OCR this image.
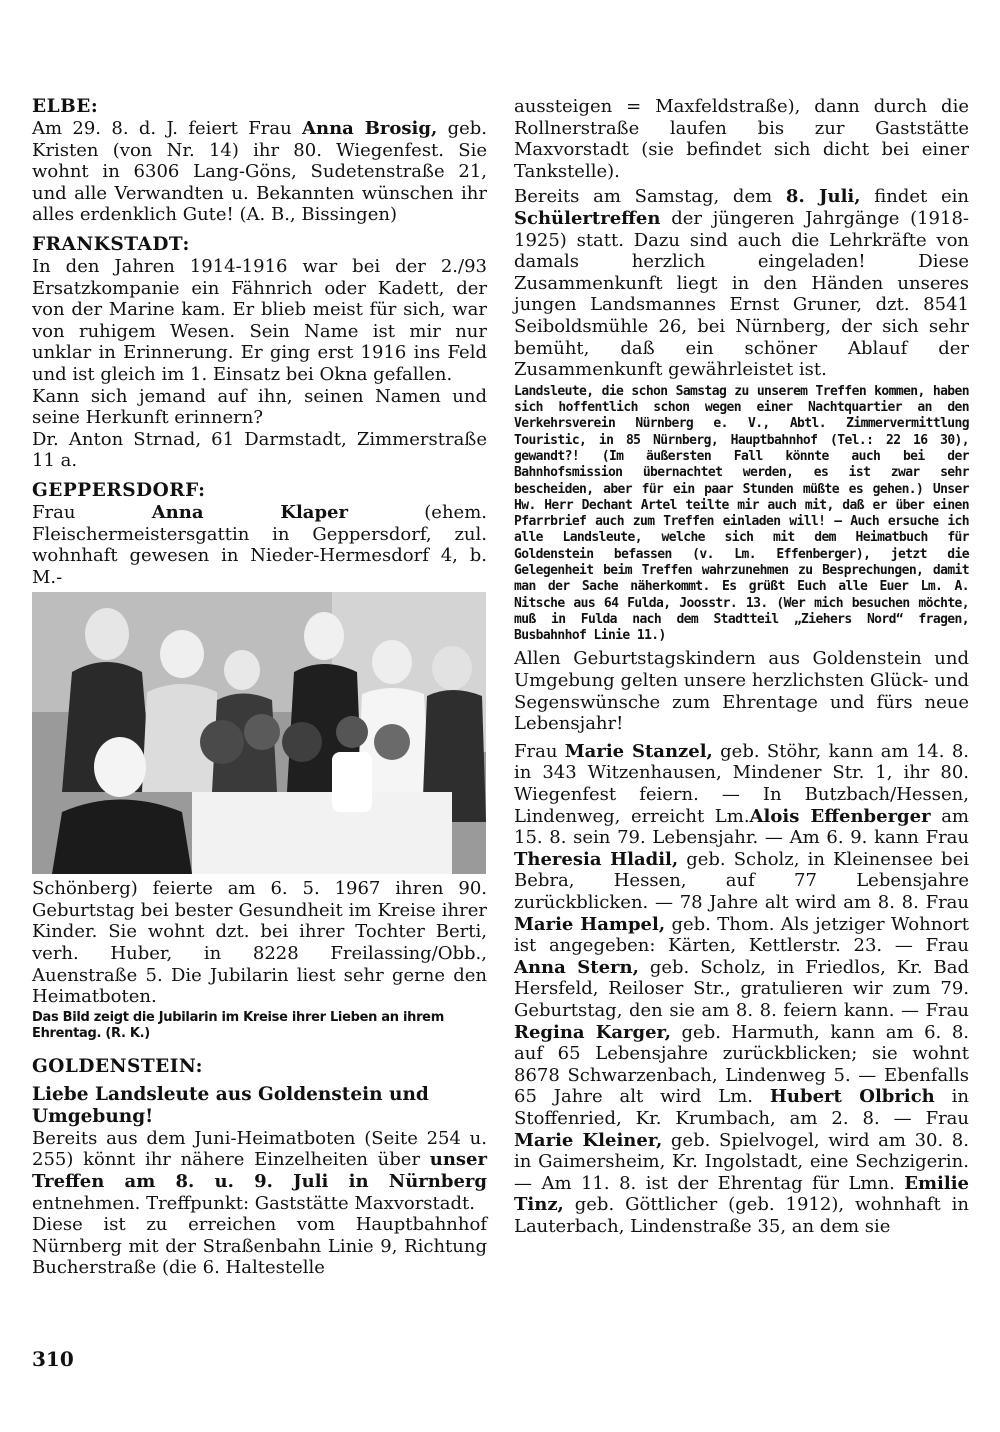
ELBE:

Am 29. 8. d. J. feiert Frau Anna Brosig, geb. Kristen (von Nr. 14) ihr 80. Wiegenfest. Sie wohnt in 6306 Lang-Göns, Sudetenstraße 21, und alle Verwandten u. Bekannten wünschen ihr alles erdenklich Gute! (A. B., Bissingen)

FRANKSTADT:

In den Jahren 1914-1916 war bei der 2./93 Ersatzkompanie ein Fähnrich oder Kadett, der von der Marine kam. Er blieb meist für sich, war von ruhigem Wesen. Sein Name ist mir nur unklar in Erinnerung. Er ging erst 1916 ins Feld und ist gleich im 1. Einsatz bei Okna gefallen.

Kann sich jemand auf ihn, seinen Namen und seine Herkunft erinnern?

Dr. Anton Strnad, 61 Darmstadt, Zimmerstraße 11 a.

GEPPERSDORF:

Frau Anna Klaper (ehem. Fleischermeistersgattin in Geppersdorf, zul. wohnhaft gewesen in Nieder-Hermesdorf 4, b. M.-

Schönberg) feierte am 6. 5. 1967 ihren 90. Geburtstag bei bester Gesundheit im Kreise ihrer Kinder. Sie wohnt dzt. bei ihrer Tochter Berti, verh. Huber, in 8228 Freilassing/Obb., Auenstraße 5. Die Jubilarin liest sehr gerne den Heimatboten.

Das Bild zeigt die Jubilarin im Kreise ihrer Lieben an ihrem Ehrentag. (R. K.)
GOLDENSTEIN:
Liebe Landsleute aus Goldenstein und Umgebung!

Bereits aus dem Juni-Heimatboten (Seite 254 u. 255) könnt ihr nähere Einzelheiten über unser Treffen am 8. u. 9. Juli in Nürnberg entnehmen. Treffpunkt: Gaststätte Maxvorstadt.

Diese ist zu erreichen vom Hauptbahnhof Nürnberg mit der Straßenbahn Linie 9, Richtung Bucherstraße (die 6. Haltestelle

aussteigen = Maxfeldstraße), dann durch die Rollnerstraße laufen bis zur Gaststätte Maxvorstadt (sie befindet sich dicht bei einer Tankstelle).

Bereits am Samstag, dem 8. Juli, findet ein Schülertreffen der jüngeren Jahrgänge (1918-1925) statt. Dazu sind auch die Lehrkräfte von damals herzlich eingeladen! Diese Zusammenkunft liegt in den Händen unseres jungen Landsmannes Ernst Gruner, dzt. 8541 Seiboldsmühle 26, bei Nürnberg, der sich sehr bemüht, daß ein schöner Ablauf der Zusammenkunft gewährleistet ist.

Landsleute, die schon Samstag zu unserem Treffen kommen, haben sich hoffentlich schon wegen einer Nachtquartier an den Verkehrsverein Nürnberg e. V., Abtl. Zimmervermittlung Touristic, in 85 Nürnberg, Hauptbahnhof (Tel.: 22 16 30), gewandt?! (Im äußersten Fall könnte auch bei der Bahnhofsmission übernachtet werden, es ist zwar sehr bescheiden, aber für ein paar Stunden müßte es gehen.) Unser Hw. Herr Dechant Artel teilte mir auch mit, daß er über einen Pfarrbrief auch zum Treffen einladen will! — Auch ersuche ich alle Landsleute, welche sich mit dem Heimatbuch für Goldenstein befassen (v. Lm. Effenberger), jetzt die Gelegenheit beim Treffen wahrzunehmen zu Besprechungen, damit man der Sache näherkommt. Es grüßt Euch alle Euer Lm. A. Nitsche aus 64 Fulda, Joosstr. 13. (Wer mich besuchen möchte, muß in Fulda nach dem Stadtteil „Ziehers Nord“ fragen, Busbahnhof Linie 11.)

Allen Geburtstagskindern aus Goldenstein und Umgebung gelten unsere herzlichsten Glück- und Segenswünsche zum Ehrentage und fürs neue Lebensjahr!

Frau Marie Stanzel, geb. Stöhr, kann am 14. 8. in 343 Witzenhausen, Mindener Str. 1, ihr 80. Wiegenfest feiern. — In Butzbach/Hessen, Lindenweg, erreicht Lm.Alois Effenberger am 15. 8. sein 79. Lebensjahr. — Am 6. 9. kann Frau Theresia Hladil, geb. Scholz, in Kleinensee bei Bebra, Hessen, auf 77 Lebensjahre zurückblicken. — 78 Jahre alt wird am 8. 8. Frau Marie Hampel, geb. Thom. Als jetziger Wohnort ist angegeben: Kärten, Kettlerstr. 23. — Frau Anna Stern, geb. Scholz, in Friedlos, Kr. Bad Hersfeld, Reiloser Str., gratulieren wir zum 79. Geburtstag, den sie am 8. 8. feiern kann. — Frau Regina Karger, geb. Harmuth, kann am 6. 8. auf 65 Lebensjahre zurückblicken; sie wohnt 8678 Schwarzenbach, Lindenweg 5. — Ebenfalls 65 Jahre alt wird Lm. Hubert Olbrich in Stoffenried, Kr. Krumbach, am 2. 8. — Frau Marie Kleiner, geb. Spielvogel, wird am 30. 8. in Gaimersheim, Kr. Ingolstadt, eine Sechzigerin. — Am 11. 8. ist der Ehrentag für Lmn. Emilie Tinz, geb. Göttlicher (geb. 1912), wohnhaft in Lauterbach, Lindenstraße 35, an dem sie

310
